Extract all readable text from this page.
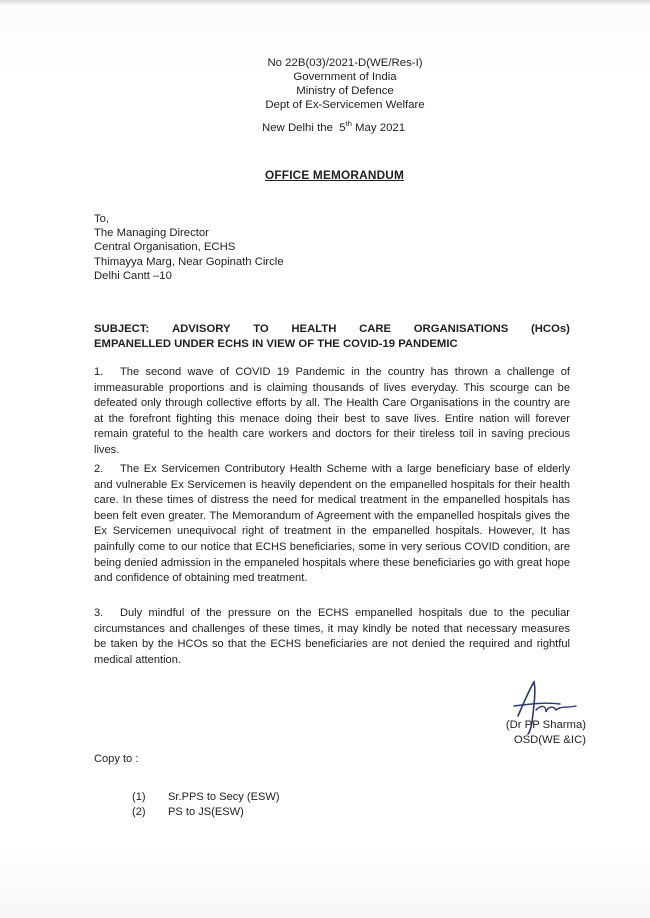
No 22B(03)/2021-D(WE/Res-I)
Government of India
Ministry of Defence
Dept of Ex-Servicemen Welfare
New Delhi the 5th May 2021
OFFICE MEMORANDUM
To,
The Managing Director
Central Organisation, ECHS
Thimayya Marg, Near Gopinath Circle
Delhi Cantt –10
SUBJECT: ADVISORY TO HEALTH CARE ORGANISATIONS (HCOs)
EMPANELLED UNDER ECHS IN VIEW OF THE COVID-19 PANDEMIC
1. The second wave of COVID 19 Pandemic in the country has thrown a challenge of immeasurable proportions and is claiming thousands of lives everyday. This scourge can be defeated only through collective efforts by all. The Health Care Organisations in the country are at the forefront fighting this menace doing their best to save lives. Entire nation will forever remain grateful to the health care workers and doctors for their tireless toil in saving precious lives.
2. The Ex Servicemen Contributory Health Scheme with a large beneficiary base of elderly and vulnerable Ex Servicemen is heavily dependent on the empanelled hospitals for their health care. In these times of distress the need for medical treatment in the empanelled hospitals has been felt even greater. The Memorandum of Agreement with the empanelled hospitals gives the Ex Servicemen unequivocal right of treatment in the empanelled hospitals. However, It has painfully come to our notice that ECHS beneficiaries, some in very serious COVID condition, are being denied admission in the empaneled hospitals where these beneficiaries go with great hope and confidence of obtaining med treatment.
3. Duly mindful of the pressure on the ECHS empanelled hospitals due to the peculiar circumstances and challenges of these times, it may kindly be noted that necessary measures be taken by the HCOs so that the ECHS beneficiaries are not denied the required and rightful medical attention.
(Dr PP Sharma)
OSD(WE &IC)
Copy to :
(1)	Sr.PPS to Secy (ESW)
(2)	PS to JS(ESW)
